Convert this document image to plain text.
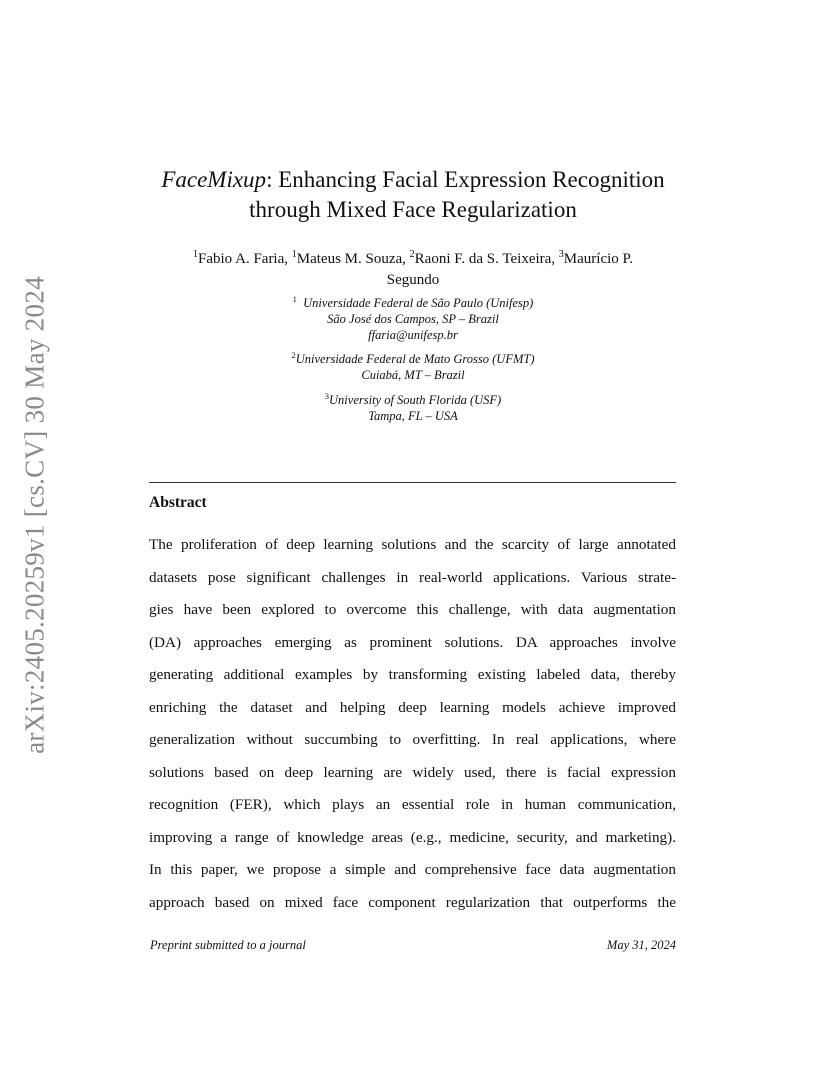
arXiv:2405.20259v1 [cs.CV] 30 May 2024
FaceMixup: Enhancing Facial Expression Recognition
through Mixed Face Regularization
$^1$Fabio A. Faria, $^1$Mateus M. Souza, $^2$Raoni F. da S. Teixeira, $^3$Maurício P.
Segundo
$^1$ Universidade Federal de São Paulo (Unifesp)
São José dos Campos, SP – Brazil
ffaria@unifesp.br
$^2$Universidade Federal de Mato Grosso (UFMT)
Cuiabá, MT – Brazil
$^3$University of South Florida (USF)
Tampa, FL – USA
Abstract
The proliferation of deep learning solutions and the scarcity of large annotated
datasets pose significant challenges in real-world applications. Various strate-
gies have been explored to overcome this challenge, with data augmentation
(DA) approaches emerging as prominent solutions. DA approaches involve
generating additional examples by transforming existing labeled data, thereby
enriching the dataset and helping deep learning models achieve improved
generalization without succumbing to overfitting. In real applications, where
solutions based on deep learning are widely used, there is facial expression
recognition (FER), which plays an essential role in human communication,
improving a range of knowledge areas (e.g., medicine, security, and marketing).
In this paper, we propose a simple and comprehensive face data augmentation
approach based on mixed face component regularization that outperforms the
Preprint submitted to a journal	May 31, 2024
